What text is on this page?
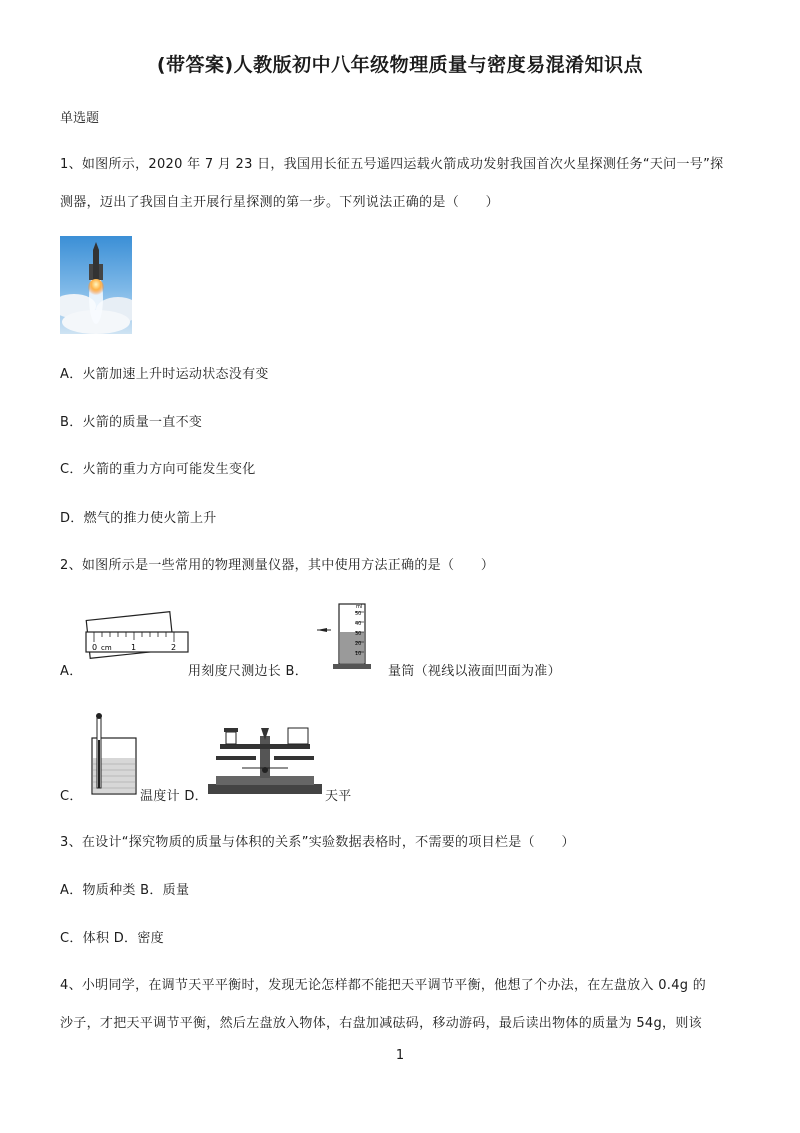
(带答案)人教版初中八年级物理质量与密度易混淆知识点
单选题
1、如图所示，2020 年 7 月 23 日，我国用长征五号遥四运载火箭成功发射我国首次火星探测任务“天问一号”探
测器，迈出了我国自主开展行星探测的第一步。下列说法正确的是（　　）
A．火箭加速上升时运动状态没有变
B．火箭的质量一直不变
C．火箭的重力方向可能发生变化
D．燃气的推力使火箭上升
2、如图所示是一些常用的物理测量仪器，其中使用方法正确的是（　　）
A．
0 cm 1	2
用刻度尺测边长 B．
ml
50
40
30
20
10
量筒（视线以液面凹面为准）
C．	温度计 D．	天平
3、在设计“探究物质的质量与体积的关系”实验数据表格时，不需要的项目栏是（　　）
A．物质种类 B．质量
C．体积 D．密度
4、小明同学，在调节天平平衡时，发现无论怎样都不能把天平调节平衡，他想了个办法，在左盘放入 0.4g 的
沙子，才把天平调节平衡，然后左盘放入物体，右盘加减砝码，移动游码，最后读出物体的质量为 54g，则该
1
